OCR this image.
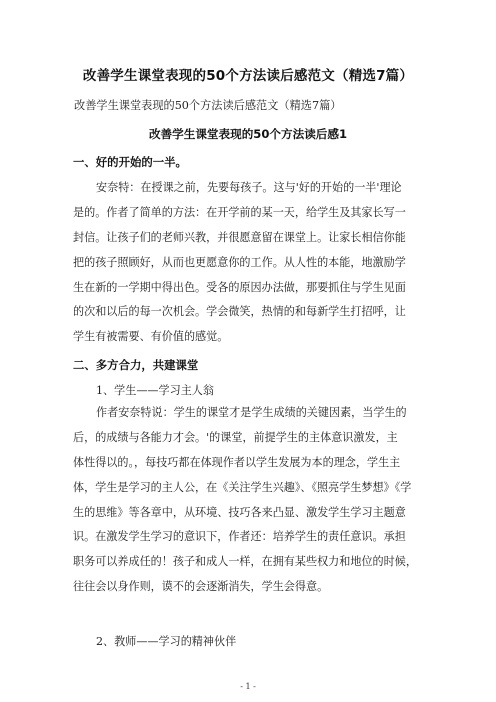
改善学生课堂表现的50个方法读后感范文（精选7篇）
改善学生课堂表现的50个方法读后感范文（精选7篇）
改善学生课堂表现的50个方法读后感1
一、好的开始的一半。
安奈特：在授课之前，先要每孩子。这与'好的开始的一半'理论
是的。作者了简单的方法：在开学前的某一天，给学生及其家长写一
封信。让孩子们的老师兴教，并很愿意留在课堂上。让家长相信你能
把的孩子照顾好，从而也更愿意你的工作。从人性的本能，地激励学
生在新的一学期中得出色。受各的原因办法做，那要抓住与学生见面
的次和以后的每一次机会。学会微笑，热情的和每新学生打招呼，让
学生有被需要、有价值的感觉。
二、多方合力，共建课堂
1、学生——学习主人翁
作者安奈特说：学生的课堂才是学生成绩的关键因素，当学生的
后，的成绩与各能力才会。'的课堂，前提学生的主体意识激发，主
体性得以的。，每技巧都在体现作者以学生发展为本的理念，学生主
体，学生是学习的主人公，在《关注学生兴趣》、《照亮学生梦想》《学
生的思维》等各章中，从环境、技巧各来凸显、激发学生学习主题意
识。在激发学生学习的意识下，作者还：培养学生的责任意识。承担
职务可以养成任的！孩子和成人一样，在拥有某些权力和地位的时候，
往往会以身作则，谟不的会逐渐消失，学生会得意。
2、教师——学习的精神伙伴
- 1 -
